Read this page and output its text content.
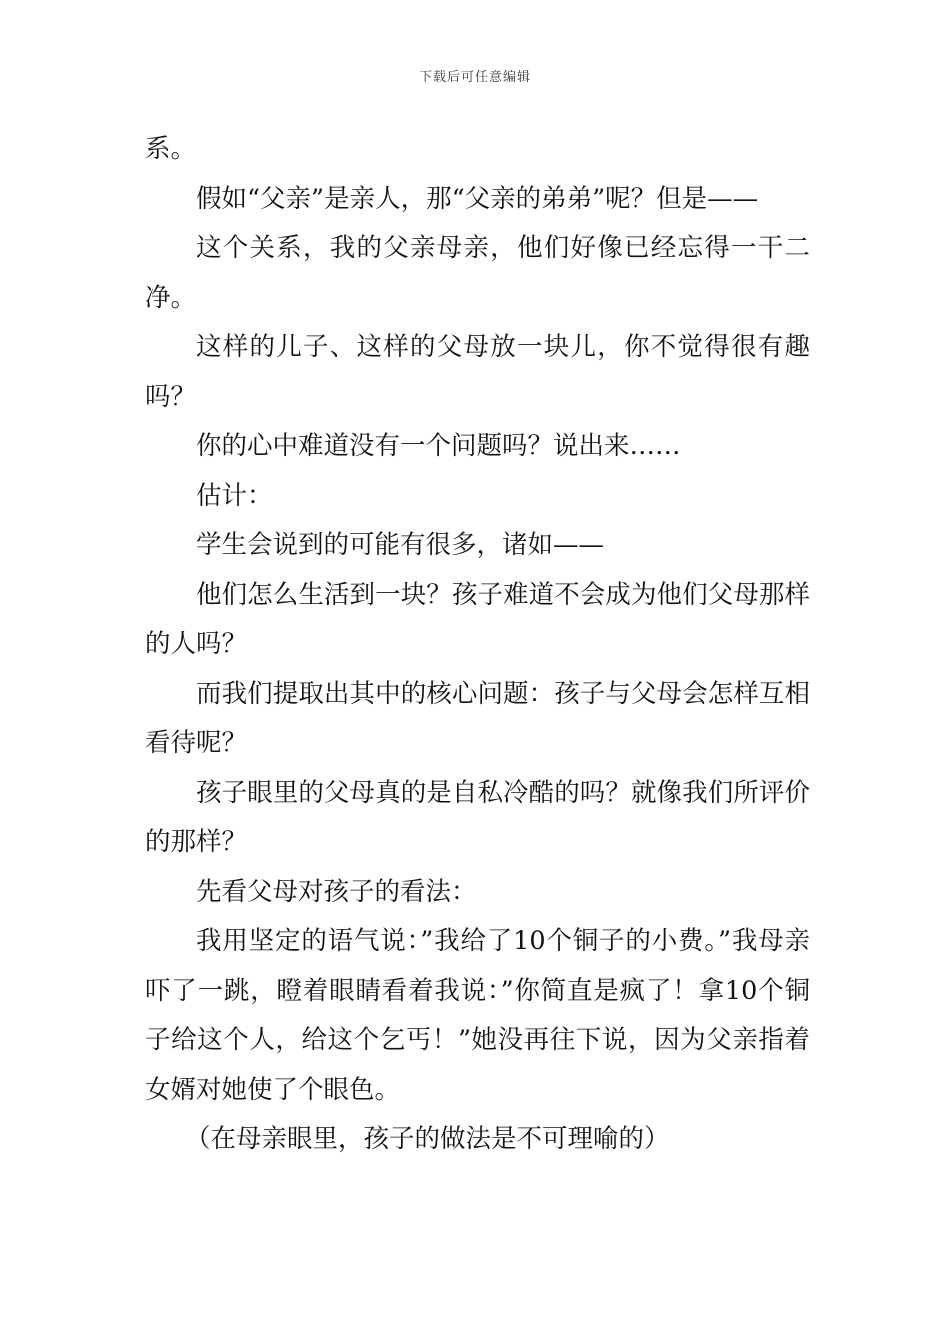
下载后可任意编辑

系。

假如“父亲”是亲人，那“父亲的弟弟”呢？但是——

这个关系，我的父亲母亲，他们好像已经忘得一干二净。

这样的儿子、这样的父母放一块儿，你不觉得很有趣吗？

你的心中难道没有一个问题吗？说出来……

估计：

学生会说到的可能有很多，诸如——

他们怎么生活到一块？孩子难道不会成为他们父母那样的人吗？

而我们提取出其中的核心问题：孩子与父母会怎样互相看待呢？

孩子眼里的父母真的是自私冷酷的吗？就像我们所评价的那样？

先看父母对孩子的看法：

我用坚定的语气说：”我给了10个铜子的小费。”我母亲吓了一跳，瞪着眼睛看着我说：”你简直是疯了！拿10个铜子给这个人，给这个乞丐！”她没再往下说，因为父亲指着女婿对她使了个眼色。

（在母亲眼里，孩子的做法是不可理喻的）
